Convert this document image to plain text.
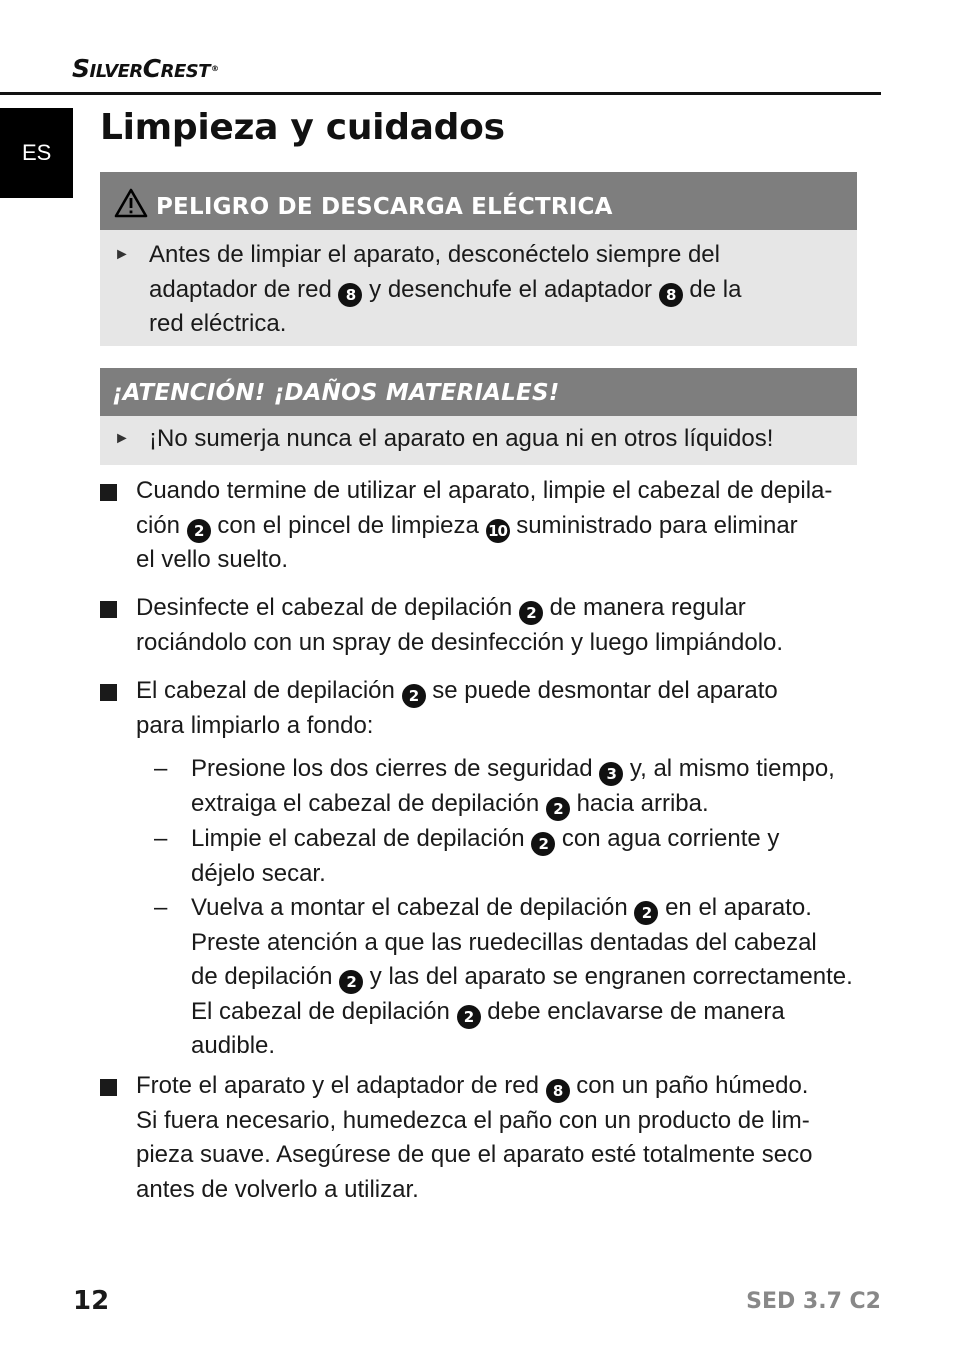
SilverCrest®
ES
Limpieza y cuidados
PELIGRO DE DESCARGA ELÉCTRICA
► Antes de limpiar el aparato, desconéctelo siempre del
adaptador de red 8 y desenchufe el adaptador 8 de la
red eléctrica.
¡ATENCIÓN! ¡DAÑOS MATERIALES!
► ¡No sumerja nunca el aparato en agua ni en otros líquidos!
Cuando termine de utilizar el aparato, limpie el cabezal de depila-
ción 2 con el pincel de limpieza 10 suministrado para eliminar
el vello suelto.
Desinfecte el cabezal de depilación 2 de manera regular
rociándolo con un spray de desinfección y luego limpiándolo.
El cabezal de depilación 2 se puede desmontar del aparato
para limpiarlo a fondo:
– Presione los dos cierres de seguridad 3 y, al mismo tiempo,
extraiga el cabezal de depilación 2 hacia arriba.
– Limpie el cabezal de depilación 2 con agua corriente y
déjelo secar.
– Vuelva a montar el cabezal de depilación 2 en el aparato.
Preste atención a que las ruedecillas dentadas del cabezal
de depilación 2 y las del aparato se engranen correctamente.
El cabezal de depilación 2 debe enclavarse de manera
audible.
Frote el aparato y el adaptador de red 8 con un paño húmedo.
Si fuera necesario, humedezca el paño con un producto de lim-
pieza suave. Asegúrese de que el aparato esté totalmente seco
antes de volverlo a utilizar.
12	SED 3.7 C2
